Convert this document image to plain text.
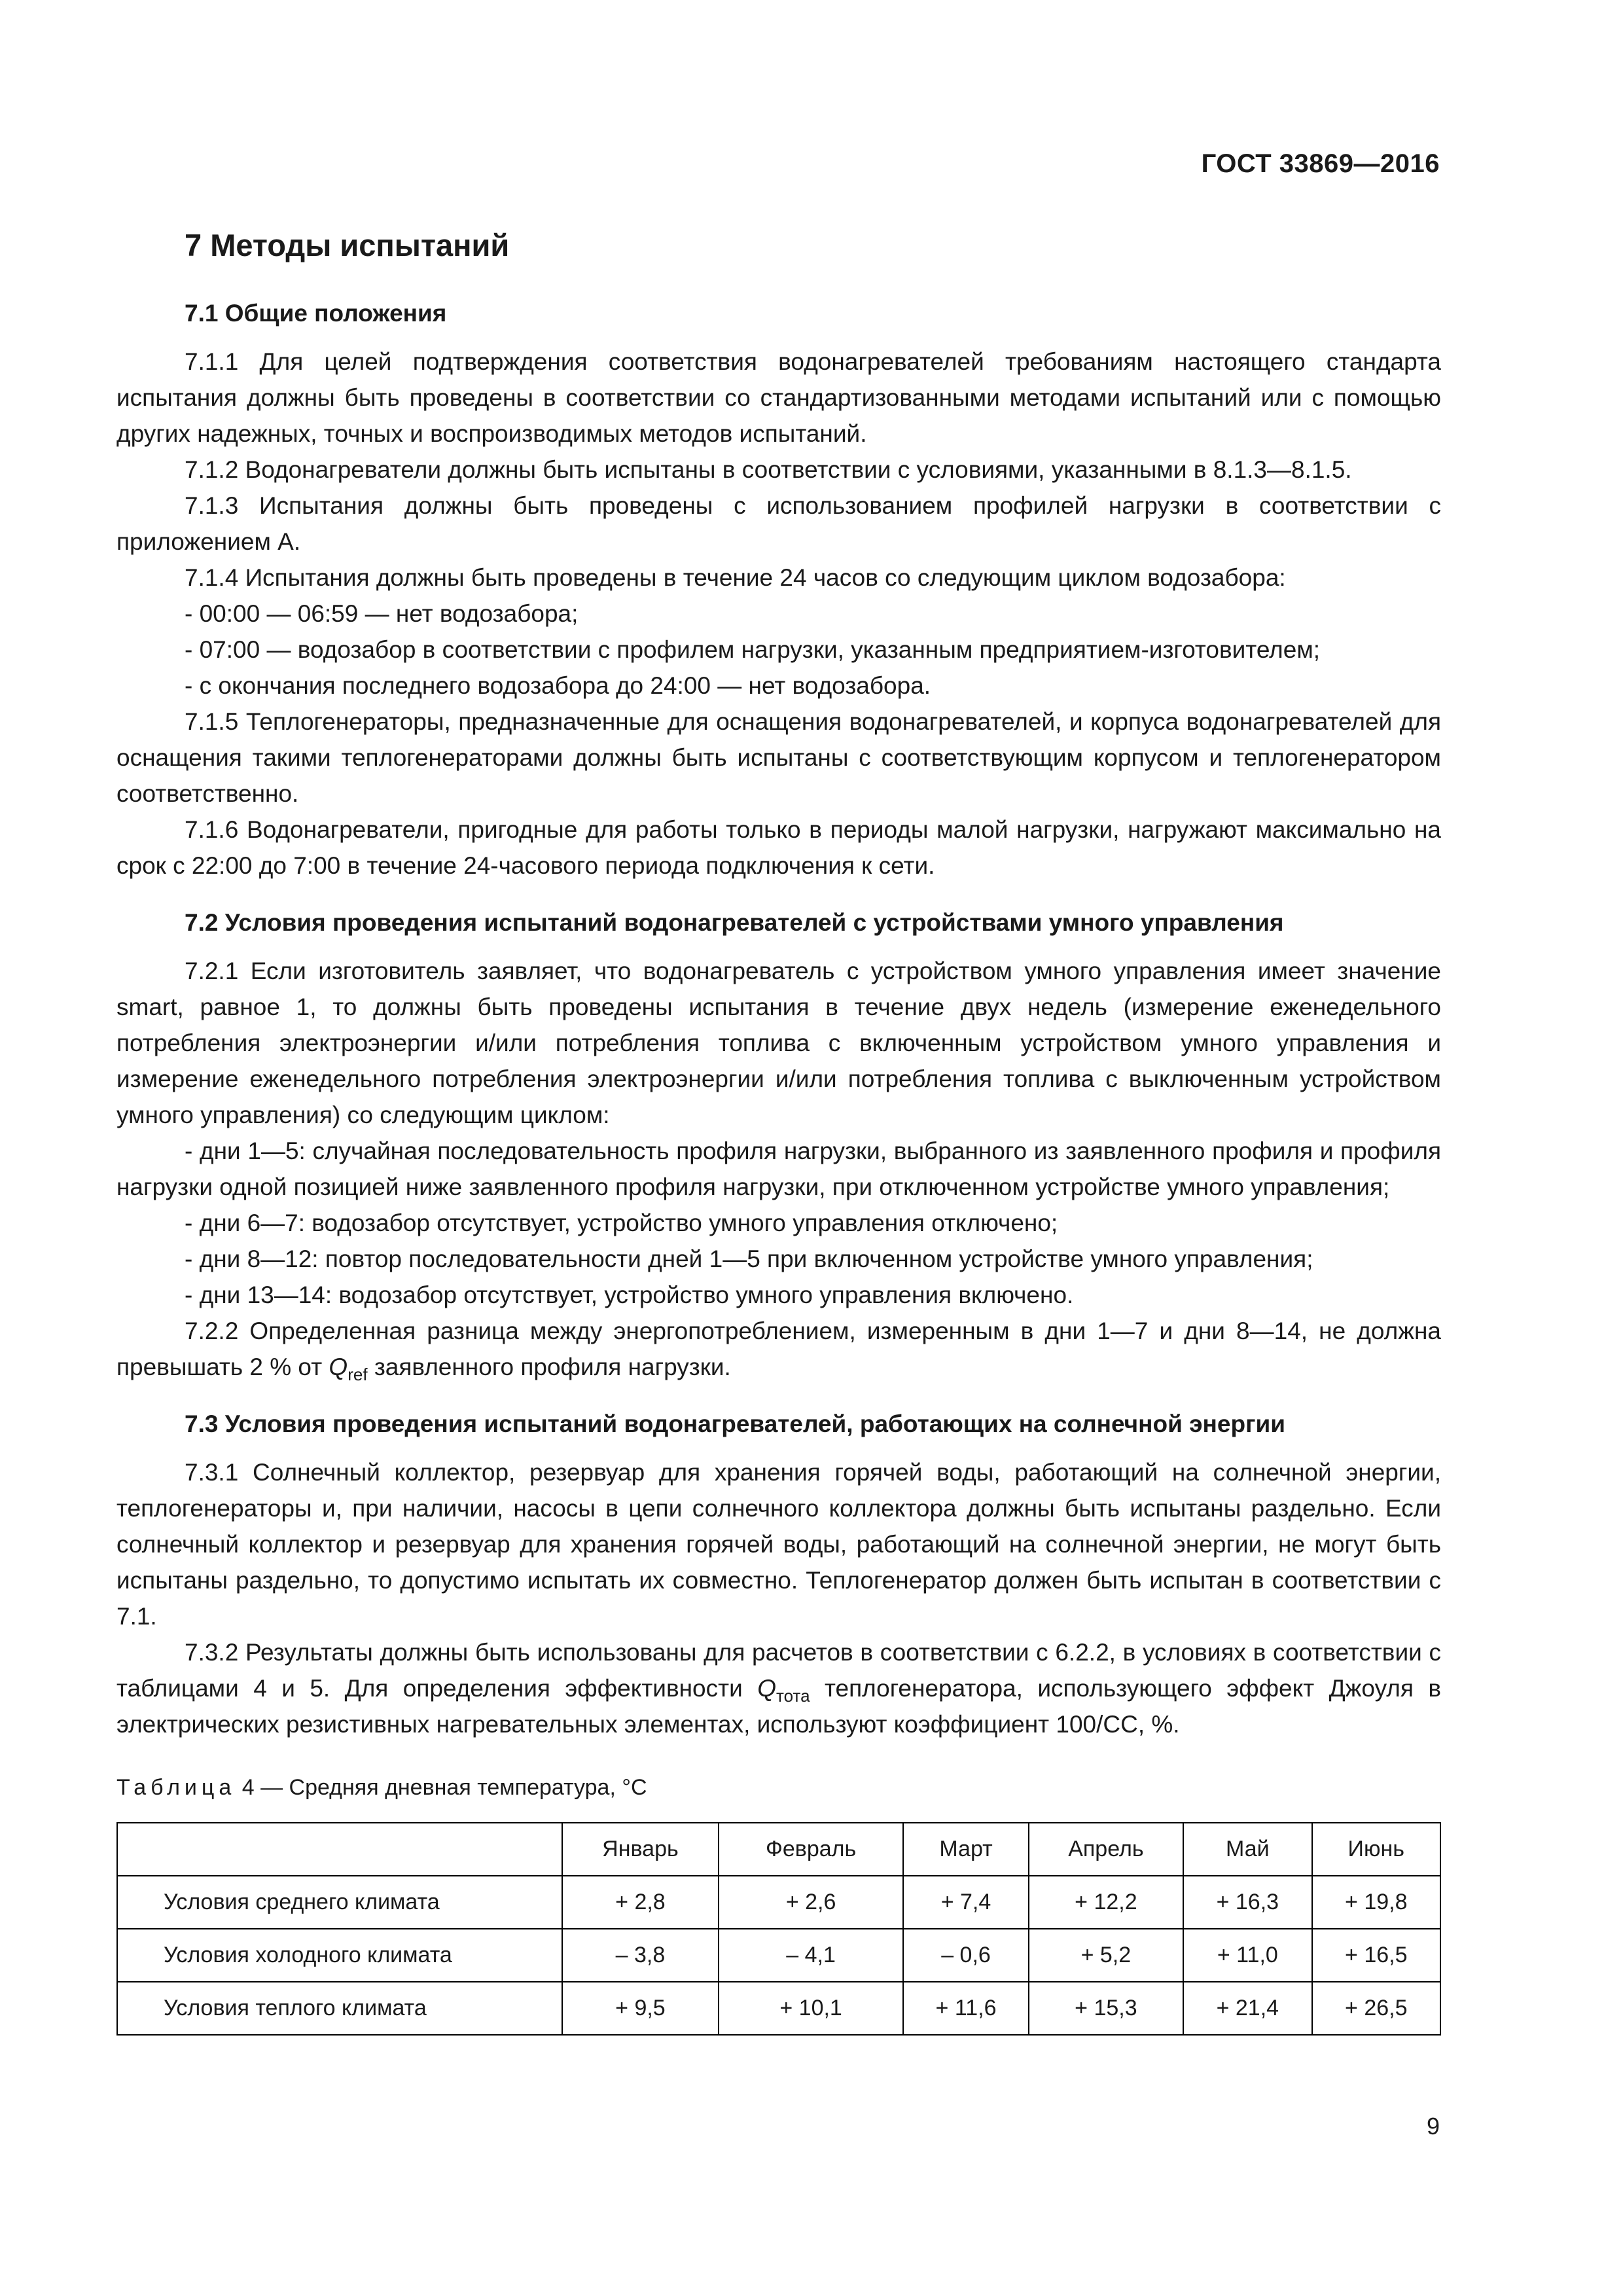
ГОСТ 33869—2016
7 Методы испытаний
7.1 Общие положения

7.1.1 Для целей подтверждения соответствия водонагревателей требованиям настоящего стандарта испытания должны быть проведены в соответствии со стандартизованными методами испытаний или с помощью других надежных, точных и воспроизводимых методов испытаний.

7.1.2 Водонагреватели должны быть испытаны в соответствии с условиями, указанными в 8.1.3—8.1.5.

7.1.3 Испытания должны быть проведены с использованием профилей нагрузки в соответствии с приложением А.

7.1.4 Испытания должны быть проведены в течение 24 часов со следующим циклом водозабора:

- 00:00 — 06:59 — нет водозабора;

- 07:00 — водозабор в соответствии с профилем нагрузки, указанным предприятием-изготовителем;

- с окончания последнего водозабора до 24:00 — нет водозабора.

7.1.5 Теплогенераторы, предназначенные для оснащения водонагревателей, и корпуса водонагревателей для оснащения такими теплогенераторами должны быть испытаны с соответствующим корпусом и теплогенератором соответственно.

7.1.6 Водонагреватели, пригодные для работы только в периоды малой нагрузки, нагружают максимально на срок с 22:00 до 7:00 в течение 24-часового периода подключения к сети.

7.2 Условия проведения испытаний водонагревателей с устройствами умного управления

7.2.1 Если изготовитель заявляет, что водонагреватель с устройством умного управления имеет значение smart, равное 1, то должны быть проведены испытания в течение двух недель (измерение еженедельного потребления электроэнергии и/или потребления топлива с включенным устройством умного управления и измерение еженедельного потребления электроэнергии и/или потребления топлива с выключенным устройством умного управления) со следующим циклом:

- дни 1—5: случайная последовательность профиля нагрузки, выбранного из заявленного профиля и профиля нагрузки одной позицией ниже заявленного профиля нагрузки, при отключенном устройстве умного управления;

- дни 6—7: водозабор отсутствует, устройство умного управления отключено;

- дни 8—12: повтор последовательности дней 1—5 при включенном устройстве умного управления;

- дни 13—14: водозабор отсутствует, устройство умного управления включено.

7.2.2 Определенная разница между энергопотреблением, измеренным в дни 1—7 и дни 8—14, не должна превышать 2 % от $Q_{ref}$ заявленного профиля нагрузки.

7.3 Условия проведения испытаний водонагревателей, работающих на солнечной энергии

7.3.1 Солнечный коллектор, резервуар для хранения горячей воды, работающий на солнечной энергии, теплогенераторы и, при наличии, насосы в цепи солнечного коллектора должны быть испытаны раздельно. Если солнечный коллектор и резервуар для хранения горячей воды, работающий на солнечной энергии, не могут быть испытаны раздельно, то допустимо испытать их совместно. Теплогенератор должен быть испытан в соответствии с 7.1.

7.3.2 Результаты должны быть использованы для расчетов в соответствии с 6.2.2, в условиях в соответствии с таблицами 4 и 5. Для определения эффективности $Q_{тота}$ теплогенератора, использующего эффект Джоуля в электрических резистивных нагревательных элементах, используют коэффициент 100/CC, %.

Таблица 4 — Средняя дневная температура, °С
	Январь	Февраль	Март	Апрель	Май	Июнь
Условия среднего климата	+ 2,8	+ 2,6	+ 7,4	+ 12,2	+ 16,3	+ 19,8
Условия холодного климата	– 3,8	– 4,1	– 0,6	+ 5,2	+ 11,0	+ 16,5
Условия теплого климата	+ 9,5	+ 10,1	+ 11,6	+ 15,3	+ 21,4	+ 26,5
9
